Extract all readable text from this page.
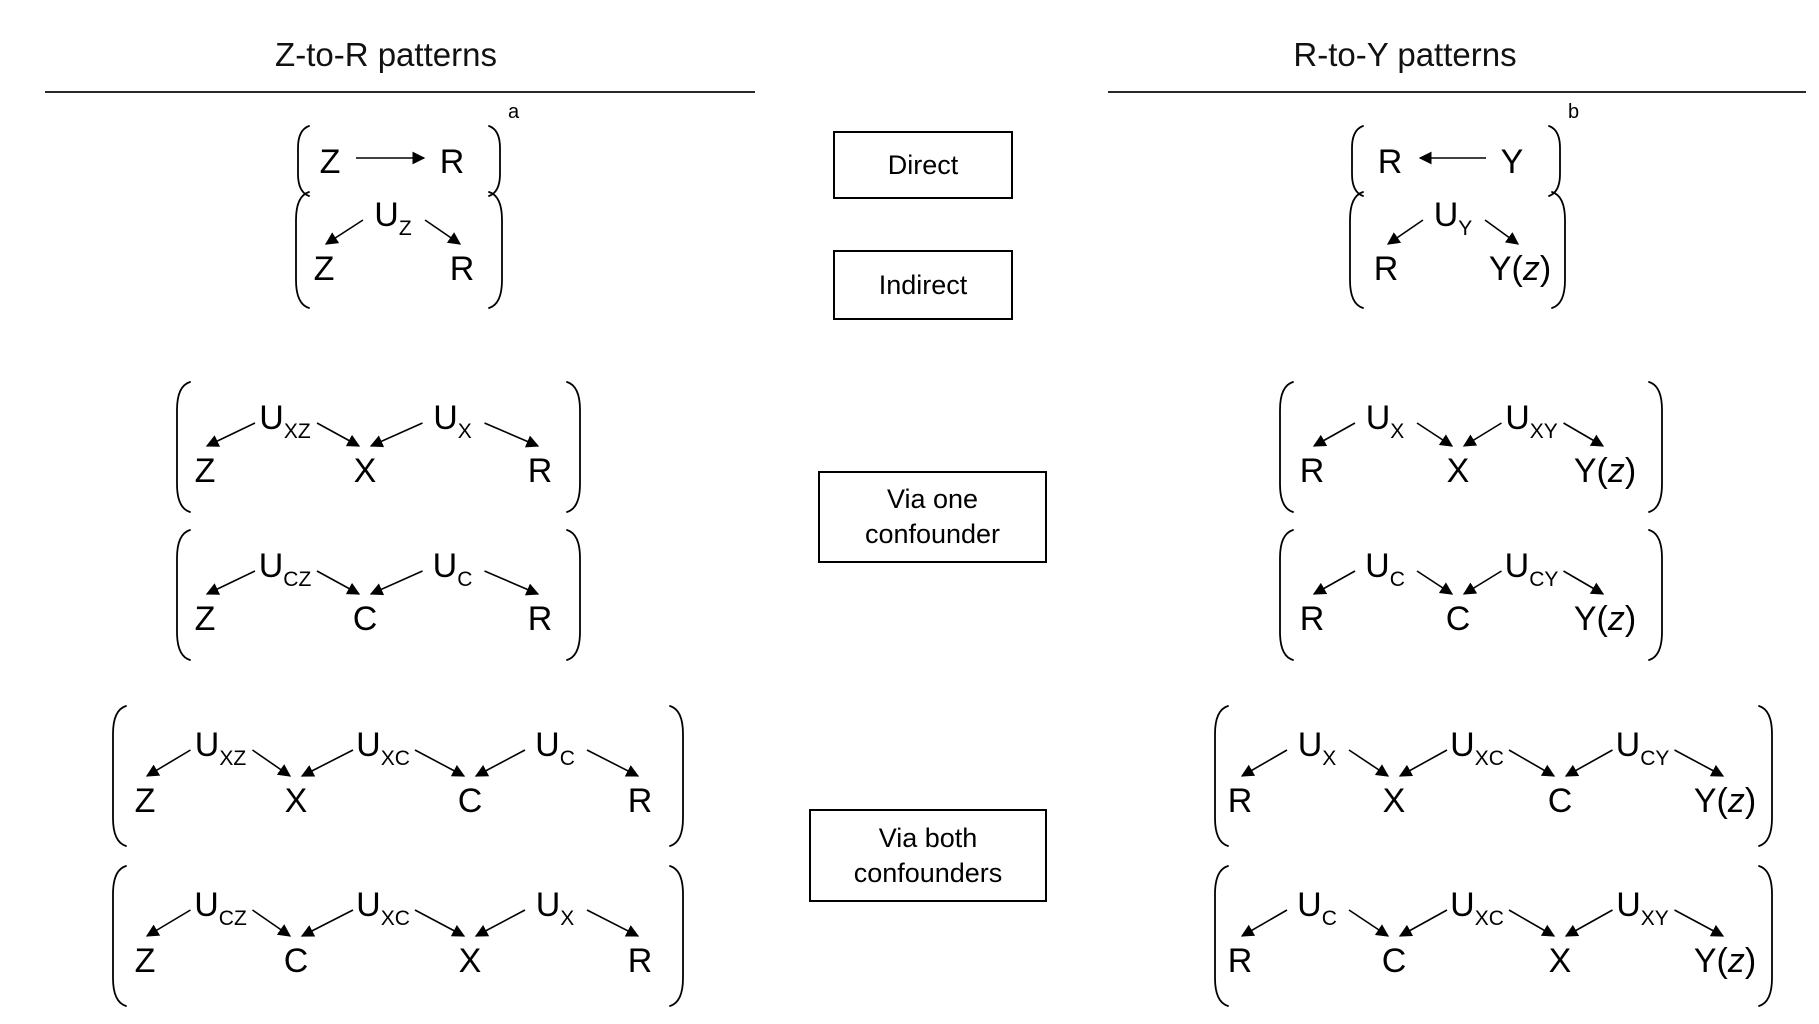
Z-to-R patterns	R-to-Y patterns
Direct
Indirect
Via one
confounder
Via both
confounders
a
Z	R
Z	R
$U_Z$
Z	X	R
$U_{XZ}$	$U_X$
Z	C	R
$U_{CZ}$	$U_C$
Z	X	C	R
$U_{XZ}$	$U_{XC}$	$U_C$
Z	C	X	R
$U_{CZ}$	$U_{XC}$	$U_X$
b
R	Y
R	Y(z)
$U_Y$
R	X	Y(z)
$U_X$	$U_{XY}$
R	C	Y(z)
$U_C$	$U_{CY}$
R	X	C	Y(z)
$U_X$	$U_{XC}$	$U_{CY}$
R	C	X	Y(z)
$U_C$	$U_{XC}$	$U_{XY}$
